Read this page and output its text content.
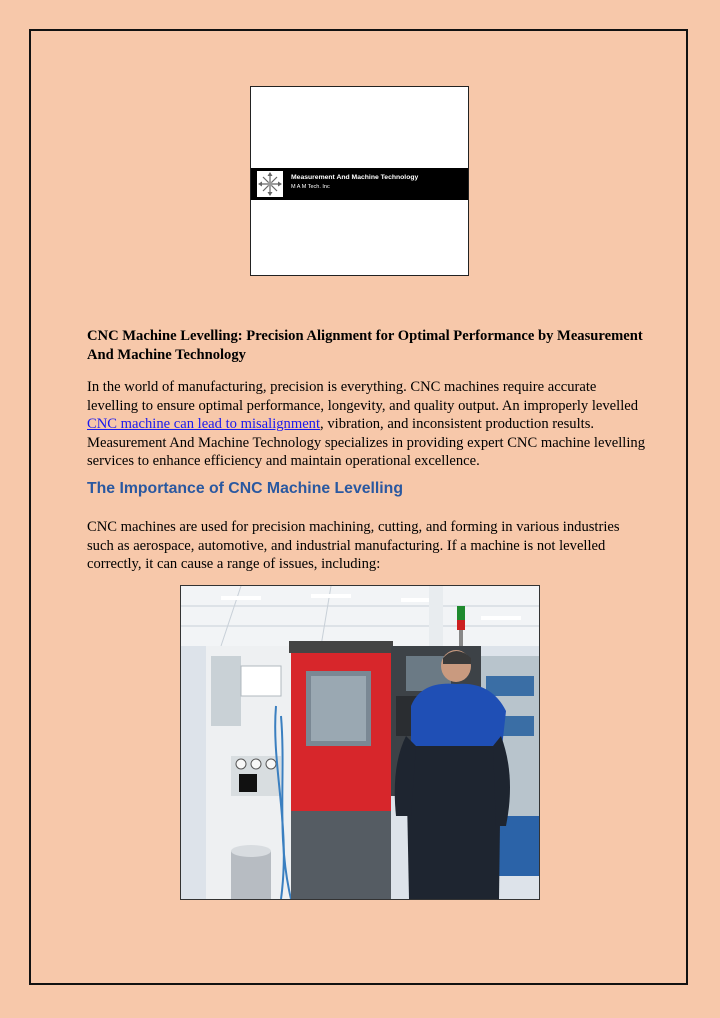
Measurement And Machine Technology
M A M Tech. Inc
CNC Machine Levelling: Precision Alignment for Optimal Performance by Measurement And Machine Technology

In the world of manufacturing, precision is everything. CNC machines require accurate levelling to ensure optimal performance, longevity, and quality output. An improperly levelled CNC machine can lead to misalignment, vibration, and inconsistent production results. Measurement And Machine Technology specializes in providing expert CNC machine levelling services to enhance efficiency and maintain operational excellence.

The Importance of CNC Machine Levelling

CNC machines are used for precision machining, cutting, and forming in various industries such as aerospace, automotive, and industrial manufacturing. If a machine is not levelled correctly, it can cause a range of issues, including:
